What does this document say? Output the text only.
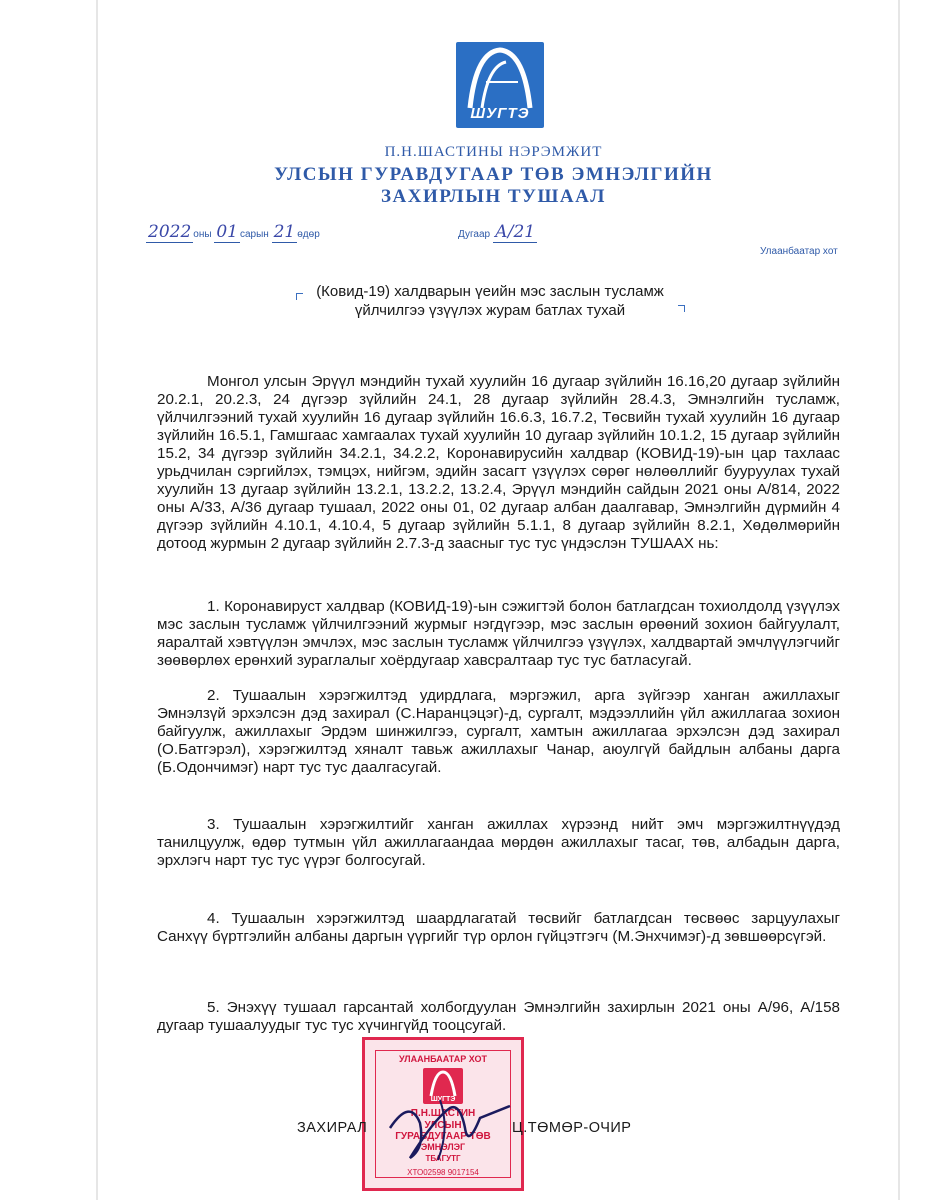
ШУГТЭ
П.Н.ШАСТИНЫ НЭРЭМЖИТ
УЛСЫН ГУРАВДУГААР ТӨВ ЭМНЭЛГИЙН
ЗАХИРЛЫН ТУШААЛ
2022 оны 01 сарын 21 өдөр	Дугаар А/21
Улаанбаатар хот
(Ковид-19) халдварын үеийн мэс заслын тусламж
үйлчилгээ үзүүлэх журам батлах тухай
Монгол улсын Эрүүл мэндийн тухай хуулийн 16 дугаар зүйлийн 16.16,20 дугаар зүйлийн 20.2.1, 20.2.3, 24 дүгээр зүйлийн 24.1, 28 дугаар зүйлийн 28.4.3, Эмнэлгийн тусламж, үйлчилгээний тухай хуулийн 16 дугаар зүйлийн 16.6.3, 16.7.2, Төсвийн тухай хуулийн 16 дугаар зүйлийн 16.5.1, Гамшгаас хамгаалах тухай хуулийн 10 дугаар зүйлийн 10.1.2, 15 дугаар зүйлийн 15.2, 34 дүгээр зүйлийн 34.2.1, 34.2.2, Коронавирусийн халдвар (КОВИД-19)-ын цар тахлаас урьдчилан сэргийлэх, тэмцэх, нийгэм, эдийн засагт үзүүлэх сөрөг нөлөөллийг бууруулах тухай хуулийн 13 дугаар зүйлийн 13.2.1, 13.2.2, 13.2.4, Эрүүл мэндийн сайдын 2021 оны А/814, 2022 оны А/33, А/36 дугаар тушаал, 2022 оны 01, 02 дугаар албан даалгавар, Эмнэлгийн дүрмийн 4 дүгээр зүйлийн 4.10.1, 4.10.4, 5 дугаар зүйлийн 5.1.1, 8 дугаар зүйлийн 8.2.1, Хөдөлмөрийн дотоод журмын 2 дугаар зүйлийн 2.7.3-д заасныг тус тус үндэслэн ТУШААХ нь:
1. Коронавируст халдвар (КОВИД-19)-ын сэжигтэй болон батлагдсан тохиолдолд үзүүлэх мэс заслын тусламж үйлчилгээний журмыг нэгдүгээр, мэс заслын өрөөний зохион байгуулалт, яаралтай хэвтүүлэн эмчлэх, мэс заслын тусламж үйлчилгээ үзүүлэх, халдвартай эмчлүүлэгчийг зөөвөрлөх ерөнхий зураглалыг хоёрдугаар хавсралтаар тус тус батласугай.
2. Тушаалын хэрэгжилтэд удирдлага, мэргэжил, арга зүйгээр ханган ажиллахыг Эмнэлзүй эрхэлсэн дэд захирал (С.Наранцэцэг)-д, сургалт, мэдээллийн үйл ажиллагаа зохион байгуулж, ажиллахыг Эрдэм шинжилгээ, сургалт, хамтын ажиллагаа эрхэлсэн дэд захирал (О.Батгэрэл), хэрэгжилтэд хяналт тавьж ажиллахыг Чанар, аюулгүй байдлын албаны дарга (Б.Одончимэг) нарт тус тус даалгасугай.
3. Тушаалын хэрэгжилтийг ханган ажиллах хүрээнд нийт эмч мэргэжилтнүүдэд танилцуулж, өдөр тутмын үйл ажиллагаандаа мөрдөн ажиллахыг тасаг, төв, албадын дарга, эрхлэгч нарт тус тус үүрэг болгосугай.
4. Тушаалын хэрэгжилтэд шаардлагатай төсвийг батлагдсан төсвөөс зарцуулахыг Санхүү бүртгэлийн албаны даргын үүргийг түр орлон гүйцэтгэгч (М.Энхчимэг)-д зөвшөөрсүгэй.
5. Энэхүү тушаал гарсантай холбогдуулан Эмнэлгийн захирлын 2021 оны А/96, А/158 дугаар тушаалуудыг тус тус хүчингүйд тооцсугай.
УЛААНБААТАР ХОТ
ШУГТЭ
П.Н.ШАСТИН
УЛСЫН
ГУРАВДУГААР ТӨВ
ЭМНЭЛЭГ
ТБАГУТГ
ХТО02598 9017154
ЗАХИРАЛ	Ц.ТӨМӨР-ОЧИР
